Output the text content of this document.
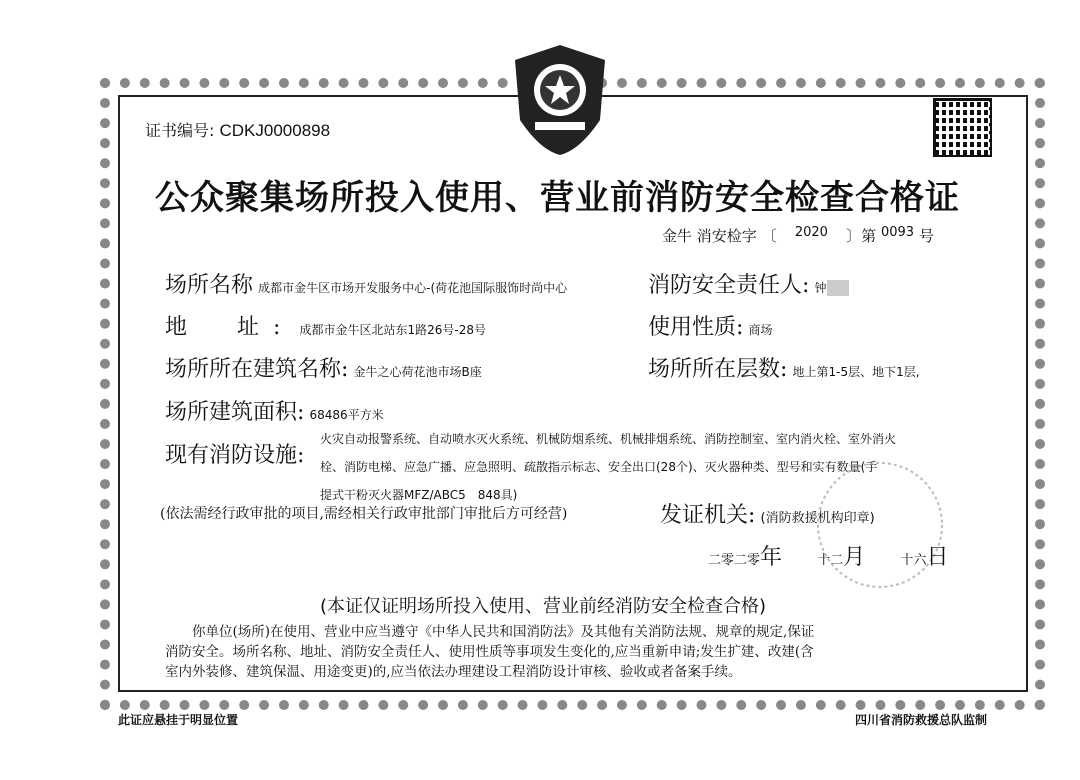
证书编号: CDKJ0000898
公众聚集场所投入使用、营业前消防安全检查合格证
金牛 消安检字 〔 2020 〕第 0093 号
场所名称 成都市金牛区市场开发服务中心-(荷花池国际服饰时尚中心	消防安全责任人: 钟
地　址: 成都市金牛区北站东1路26号-28号	使用性质: 商场
场所所在建筑名称: 金牛之心荷花池市场B座	场所所在层数: 地上第1-5层、地下1层,
场所建筑面积: 68486平方米
现有消防设施:
火灾自动报警系统、自动喷水灭火系统、机械防烟系统、机械排烟系统、消防控制室、室内消火栓、室外消火
栓、消防电梯、应急广播、应急照明、疏散指示标志、安全出口(28个)、灭火器种类、型号和实有数量(手
提式干粉灭火器MFZ/ABC5　848具)
(依法需经行政审批的项目,需经相关行政审批部门审批后方可经营)	发证机关: (消防救援机构印章)
二零二零年	十二月	十六日
(本证仅证明场所投入使用、营业前经消防安全检查合格)
　　你单位(场所)在使用、营业中应当遵守《中华人民共和国消防法》及其他有关消防法规、规章的规定,保证
消防安全。场所名称、地址、消防安全责任人、使用性质等事项发生变化的,应当重新申请;发生扩建、改建(含
室内外装修、建筑保温、用途变更)的,应当依法办理建设工程消防设计审核、验收或者备案手续。
此证应悬挂于明显位置	四川省消防救援总队监制
